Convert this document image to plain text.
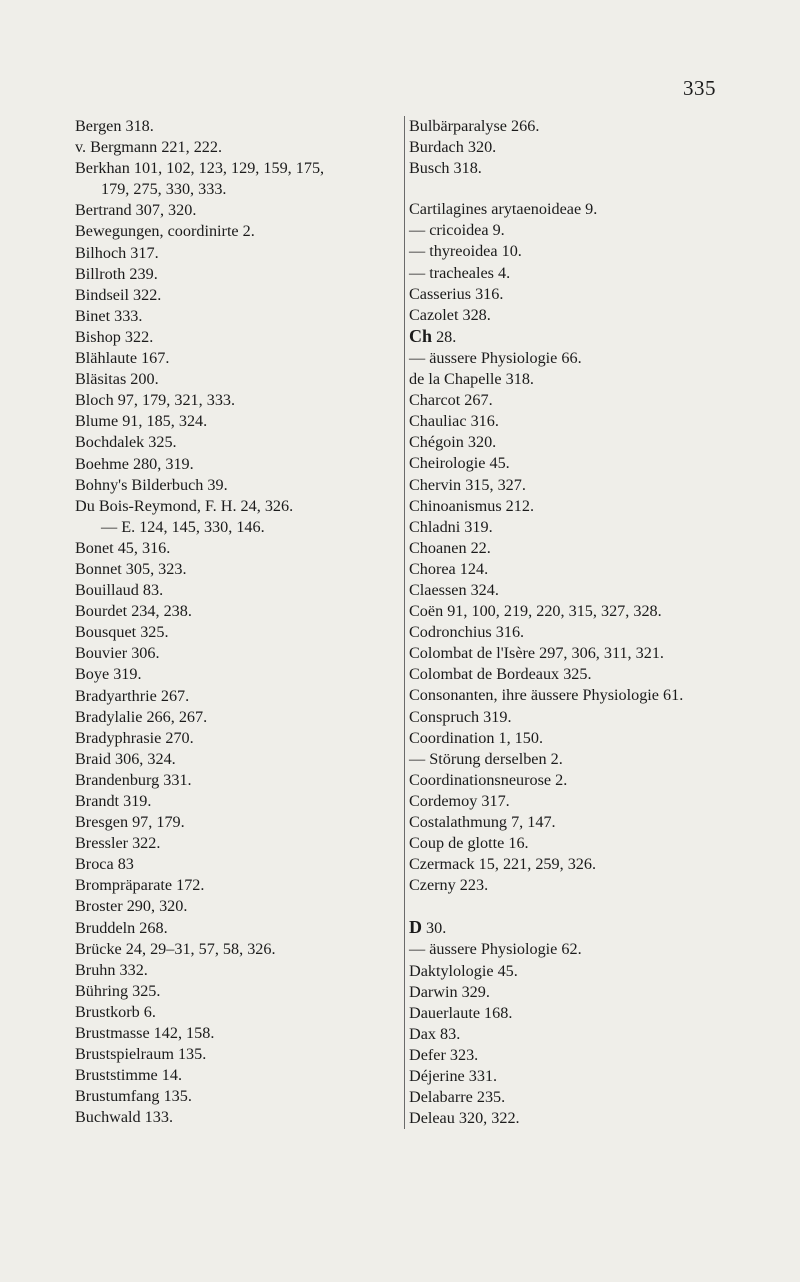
335
Bergen 318.
v. Bergmann 221, 222.
Berkhan 101, 102, 123, 129, 159, 175,
179, 275, 330, 333.
Bertrand 307, 320.
Bewegungen, coordinirte 2.
Bilhoch 317.
Billroth 239.
Bindseil 322.
Binet 333.
Bishop 322.
Blählaute 167.
Bläsitas 200.
Bloch 97, 179, 321, 333.
Blume 91, 185, 324.
Bochdalek 325.
Boehme 280, 319.
Bohny's Bilderbuch 39.
Du Bois-Reymond, F. H. 24, 326.
— E. 124, 145, 330, 146.
Bonet 45, 316.
Bonnet 305, 323.
Bouillaud 83.
Bourdet 234, 238.
Bousquet 325.
Bouvier 306.
Boye 319.
Bradyarthrie 267.
Bradylalie 266, 267.
Bradyphrasie 270.
Braid 306, 324.
Brandenburg 331.
Brandt 319.
Bresgen 97, 179.
Bressler 322.
Broca 83
Brompräparate 172.
Broster 290, 320.
Bruddeln 268.
Brücke 24, 29–31, 57, 58, 326.
Bruhn 332.
Bühring 325.
Brustkorb 6.
Brustmasse 142, 158.
Brustspielraum 135.
Bruststimme 14.
Brustumfang 135.
Buchwald 133.
Bulbärparalyse 266.
Burdach 320.
Busch 318.
Cartilagines arytaenoideae 9.
— cricoidea 9.
— thyreoidea 10.
— tracheales 4.
Casserius 316.
Cazolet 328.
Ch 28.
— äussere Physiologie 66.
de la Chapelle 318.
Charcot 267.
Chauliac 316.
Chégoin 320.
Cheirologie 45.
Chervin 315, 327.
Chinoanismus 212.
Chladni 319.
Choanen 22.
Chorea 124.
Claessen 324.
Coën 91, 100, 219, 220, 315, 327, 328.
Codronchius 316.
Colombat de l'Isère 297, 306, 311, 321.
Colombat de Bordeaux 325.
Consonanten, ihre äussere Physiologie 61.
Conspruch 319.
Coordination 1, 150.
— Störung derselben 2.
Coordinationsneurose 2.
Cordemoy 317.
Costalathmung 7, 147.
Coup de glotte 16.
Czermack 15, 221, 259, 326.
Czerny 223.
D 30.
— äussere Physiologie 62.
Daktylologie 45.
Darwin 329.
Dauerlaute 168.
Dax 83.
Defer 323.
Déjerine 331.
Delabarre 235.
Deleau 320, 322.
